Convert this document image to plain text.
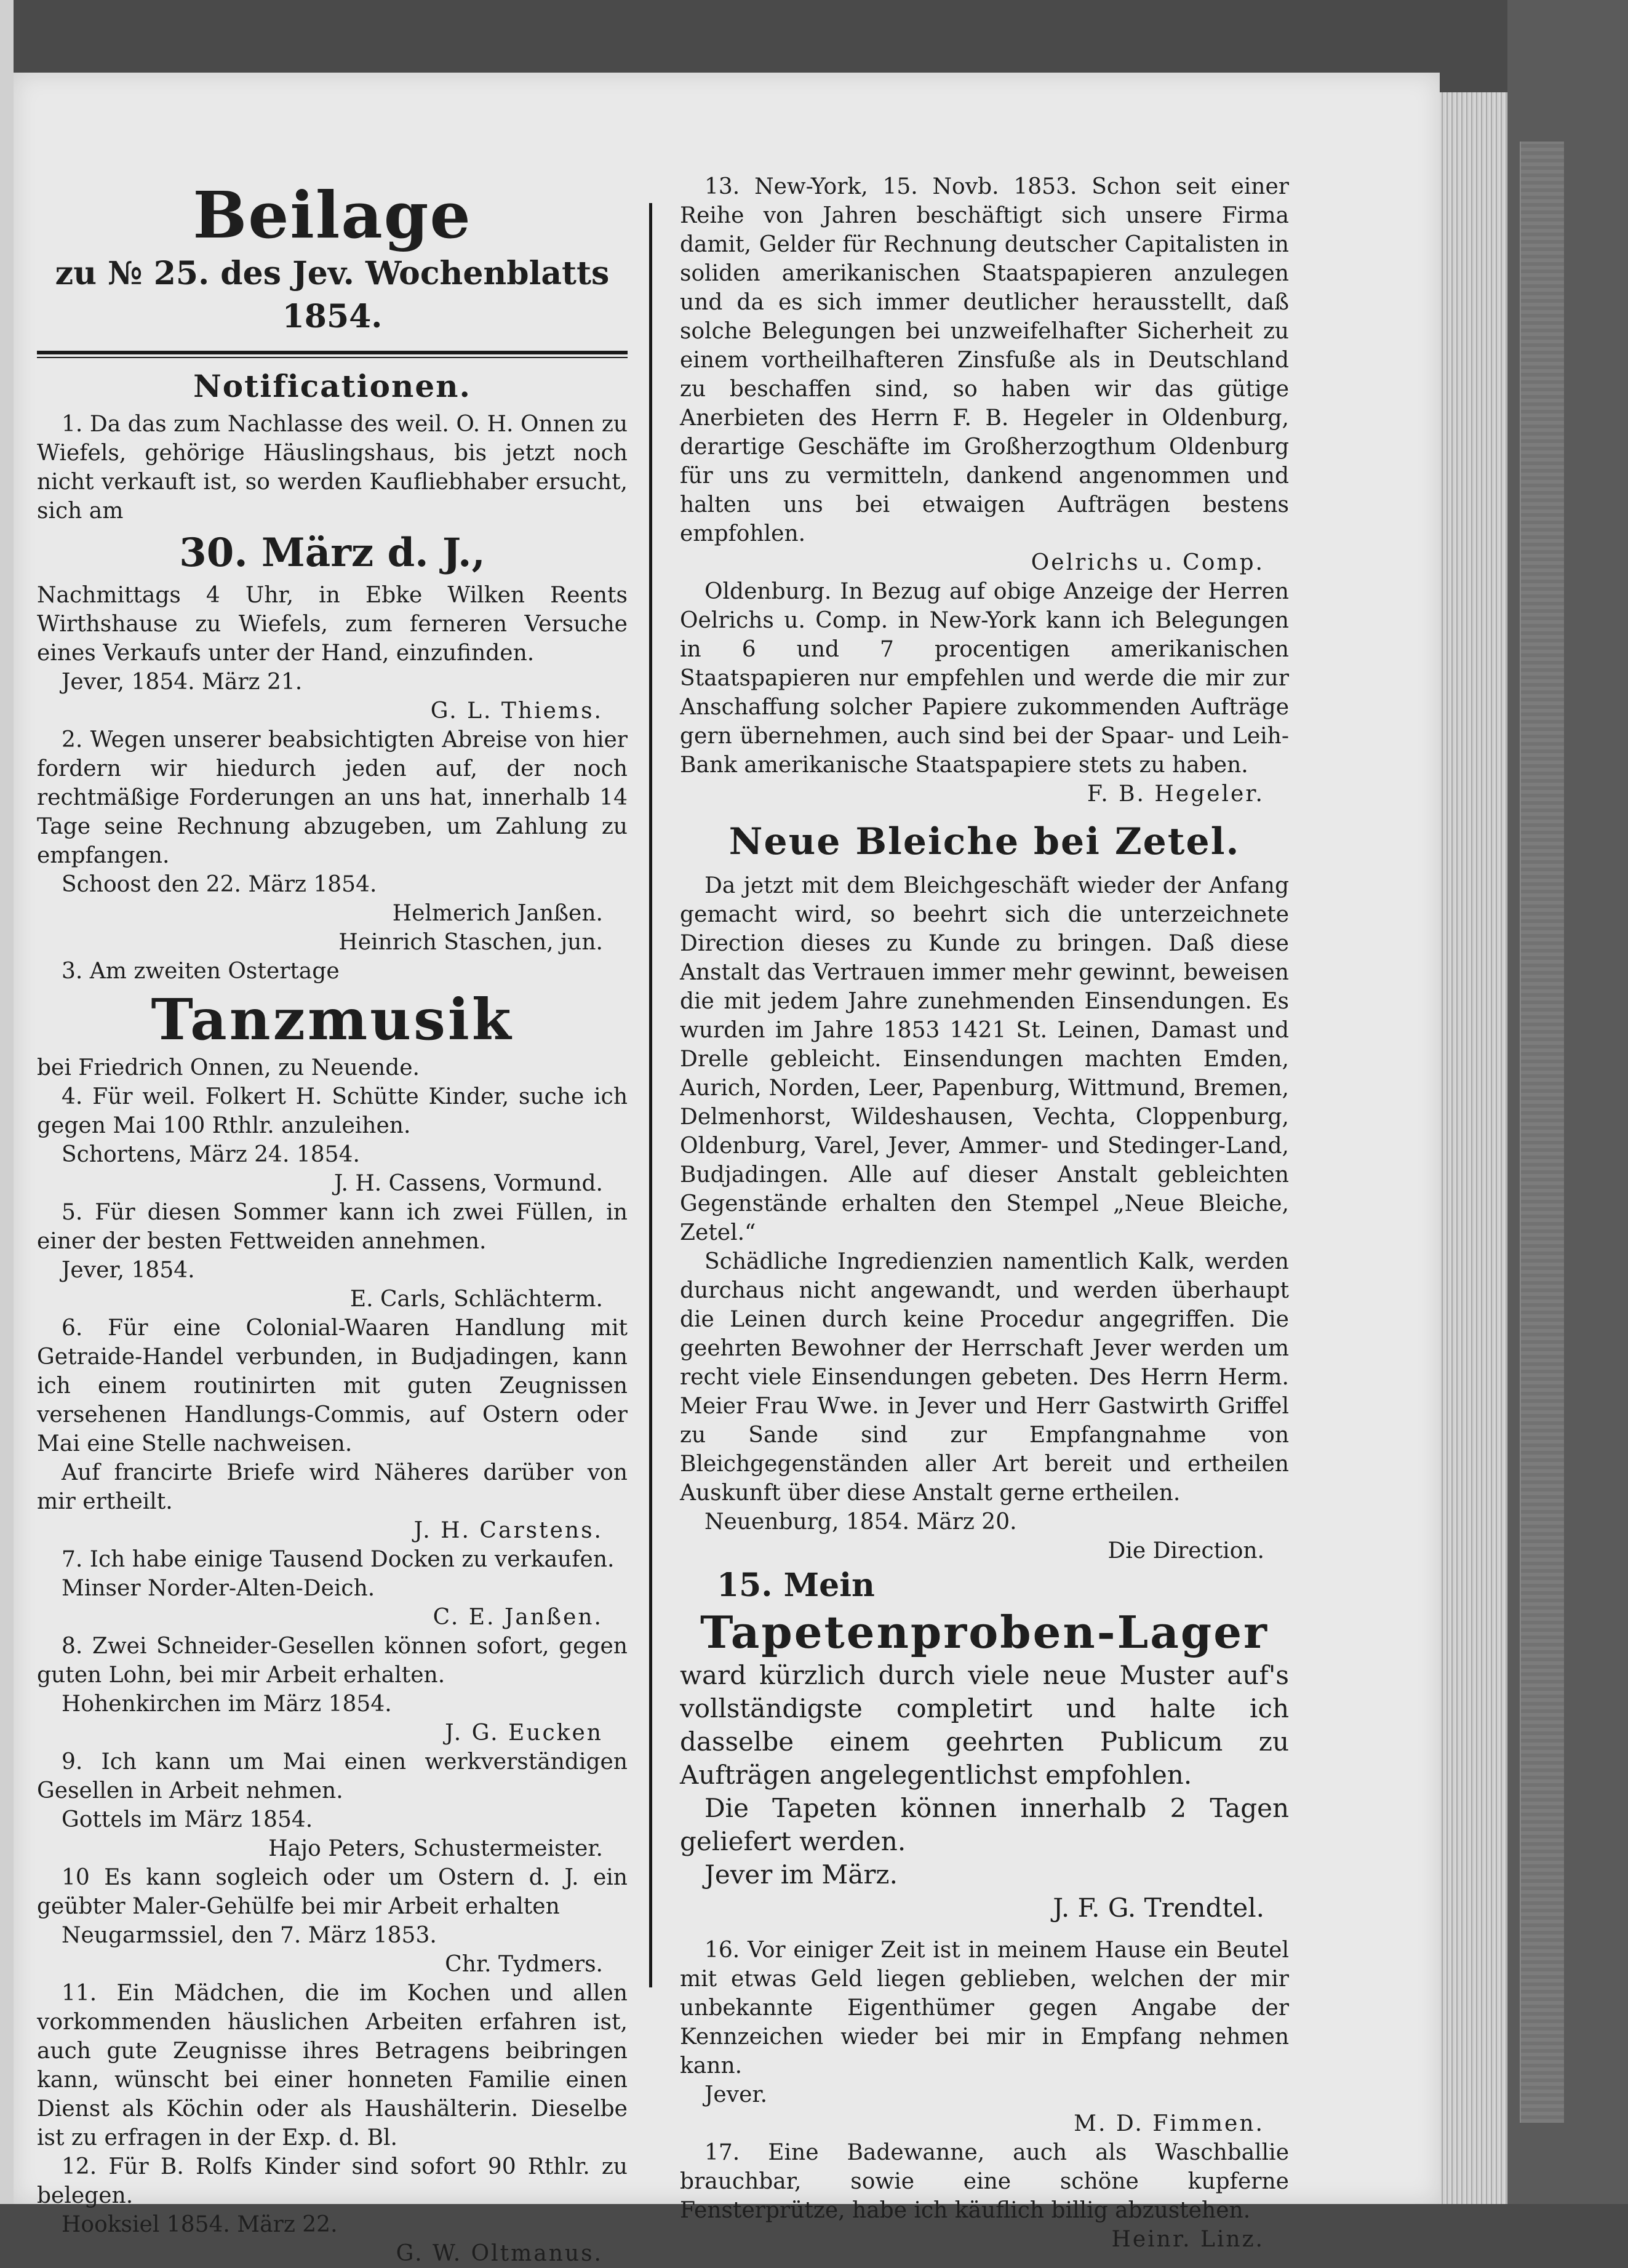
Beilage
zu № 25. des Jev. Wochenblatts 1854.
Notificationen.

1. Da das zum Nachlasse des weil. O. H. Onnen zu Wiefels, gehörige Häuslingshaus, bis jetzt noch nicht verkauft ist, so werden Kaufliebhaber ersucht, sich am

30. März d. J.,

Nachmittags 4 Uhr, in Ebke Wilken Reents Wirthshause zu Wiefels, zum ferneren Versuche eines Verkaufs unter der Hand, einzufinden.

Jever, 1854. März 21.

G. L. Thiems.

2. Wegen unserer beabsichtigten Abreise von hier fordern wir hiedurch jeden auf, der noch rechtmäßige Forderungen an uns hat, innerhalb 14 Tage seine Rechnung abzugeben, um Zahlung zu empfangen.

Schoost den 22. März 1854.

Helmerich Janßen.

Heinrich Staschen, jun.

3. Am zweiten Ostertage

Tanzmusik

bei Friedrich Onnen, zu Neuende.

4. Für weil. Folkert H. Schütte Kinder, suche ich gegen Mai 100 Rthlr. anzuleihen.

Schortens, März 24. 1854.

J. H. Cassens, Vormund.

5. Für diesen Sommer kann ich zwei Füllen, in einer der besten Fettweiden annehmen.

Jever, 1854.

E. Carls, Schlächterm.

6. Für eine Colonial-Waaren Handlung mit Getraide-Handel verbunden, in Budjadingen, kann ich einem routinirten mit guten Zeugnissen versehenen Handlungs-Commis, auf Ostern oder Mai eine Stelle nachweisen.

Auf francirte Briefe wird Näheres darüber von mir ertheilt.

J. H. Carstens.

7. Ich habe einige Tausend Docken zu verkaufen.

Minser Norder-Alten-Deich.

C. E. Janßen.

8. Zwei Schneider-Gesellen können sofort, gegen guten Lohn, bei mir Arbeit erhalten.

Hohenkirchen im März 1854.

J. G. Eucken

9. Ich kann um Mai einen werkverständigen Gesellen in Arbeit nehmen.

Gottels im März 1854.

Hajo Peters, Schustermeister.

10 Es kann sogleich oder um Ostern d. J. ein geübter Maler-Gehülfe bei mir Arbeit erhalten

Neugarmssiel, den 7. März 1853.

Chr. Tydmers.

11. Ein Mädchen, die im Kochen und allen vorkommenden häuslichen Arbeiten erfahren ist, auch gute Zeugnisse ihres Betragens beibringen kann, wünscht bei einer honneten Familie einen Dienst als Köchin oder als Haushälterin. Dieselbe ist zu erfragen in der Exp. d. Bl.

12. Für B. Rolfs Kinder sind sofort 90 Rthlr. zu belegen.

Hooksiel 1854. März 22.

G. W. Oltmanus.

13. New-York, 15. Novb. 1853. Schon seit einer Reihe von Jahren beschäftigt sich unsere Firma damit, Gelder für Rechnung deutscher Capitalisten in soliden amerikanischen Staatspapieren anzulegen und da es sich immer deutlicher herausstellt, daß solche Belegungen bei unzweifelhafter Sicherheit zu einem vortheilhafteren Zinsfuße als in Deutschland zu beschaffen sind, so haben wir das gütige Anerbieten des Herrn F. B. Hegeler in Oldenburg, derartige Geschäfte im Großherzogthum Oldenburg für uns zu vermitteln, dankend angenommen und halten uns bei etwaigen Aufträgen bestens empfohlen.

Oelrichs u. Comp.

Oldenburg. In Bezug auf obige Anzeige der Herren Oelrichs u. Comp. in New-York kann ich Belegungen in 6 und 7 procentigen amerikanischen Staatspapieren nur empfehlen und werde die mir zur Anschaffung solcher Papiere zukommenden Aufträge gern übernehmen, auch sind bei der Spaar- und Leih-Bank amerikanische Staatspapiere stets zu haben.

F. B. Hegeler.

Neue Bleiche bei Zetel.

Da jetzt mit dem Bleichgeschäft wieder der Anfang gemacht wird, so beehrt sich die unterzeichnete Direction dieses zu Kunde zu bringen. Daß diese Anstalt das Vertrauen immer mehr gewinnt, beweisen die mit jedem Jahre zunehmenden Einsendungen. Es wurden im Jahre 1853 1421 St. Leinen, Damast und Drelle gebleicht. Einsendungen machten Emden, Aurich, Norden, Leer, Papenburg, Wittmund, Bremen, Delmenhorst, Wildeshausen, Vechta, Cloppenburg, Oldenburg, Varel, Jever, Ammer- und Stedinger-Land, Budjadingen. Alle auf dieser Anstalt gebleichten Gegenstände erhalten den Stempel „Neue Bleiche, Zetel.“

Schädliche Ingredienzien namentlich Kalk, werden durchaus nicht angewandt, und werden überhaupt die Leinen durch keine Procedur angegriffen. Die geehrten Bewohner der Herrschaft Jever werden um recht viele Einsendungen gebeten. Des Herrn Herm. Meier Frau Wwe. in Jever und Herr Gastwirth Griffel zu Sande sind zur Empfangnahme von Bleichgegenständen aller Art bereit und ertheilen Auskunft über diese Anstalt gerne ertheilen.

Neuenburg, 1854. März 20.

Die Direction.

15. Mein
Tapetenproben-Lager

ward kürzlich durch viele neue Muster auf's vollständigste completirt und halte ich dasselbe einem geehrten Publicum zu Aufträgen angelegentlichst empfohlen.

Die Tapeten können innerhalb 2 Tagen geliefert werden.

Jever im März.

J. F. G. Trendtel.

16. Vor einiger Zeit ist in meinem Hause ein Beutel mit etwas Geld liegen geblieben, welchen der mir unbekannte Eigenthümer gegen Angabe der Kennzeichen wieder bei mir in Empfang nehmen kann.

Jever.

M. D. Fimmen.

17. Eine Badewanne, auch als Waschballie brauchbar, sowie eine schöne kupferne Fensterprütze, habe ich käuflich billig abzustehen.

Heinr. Linz.
